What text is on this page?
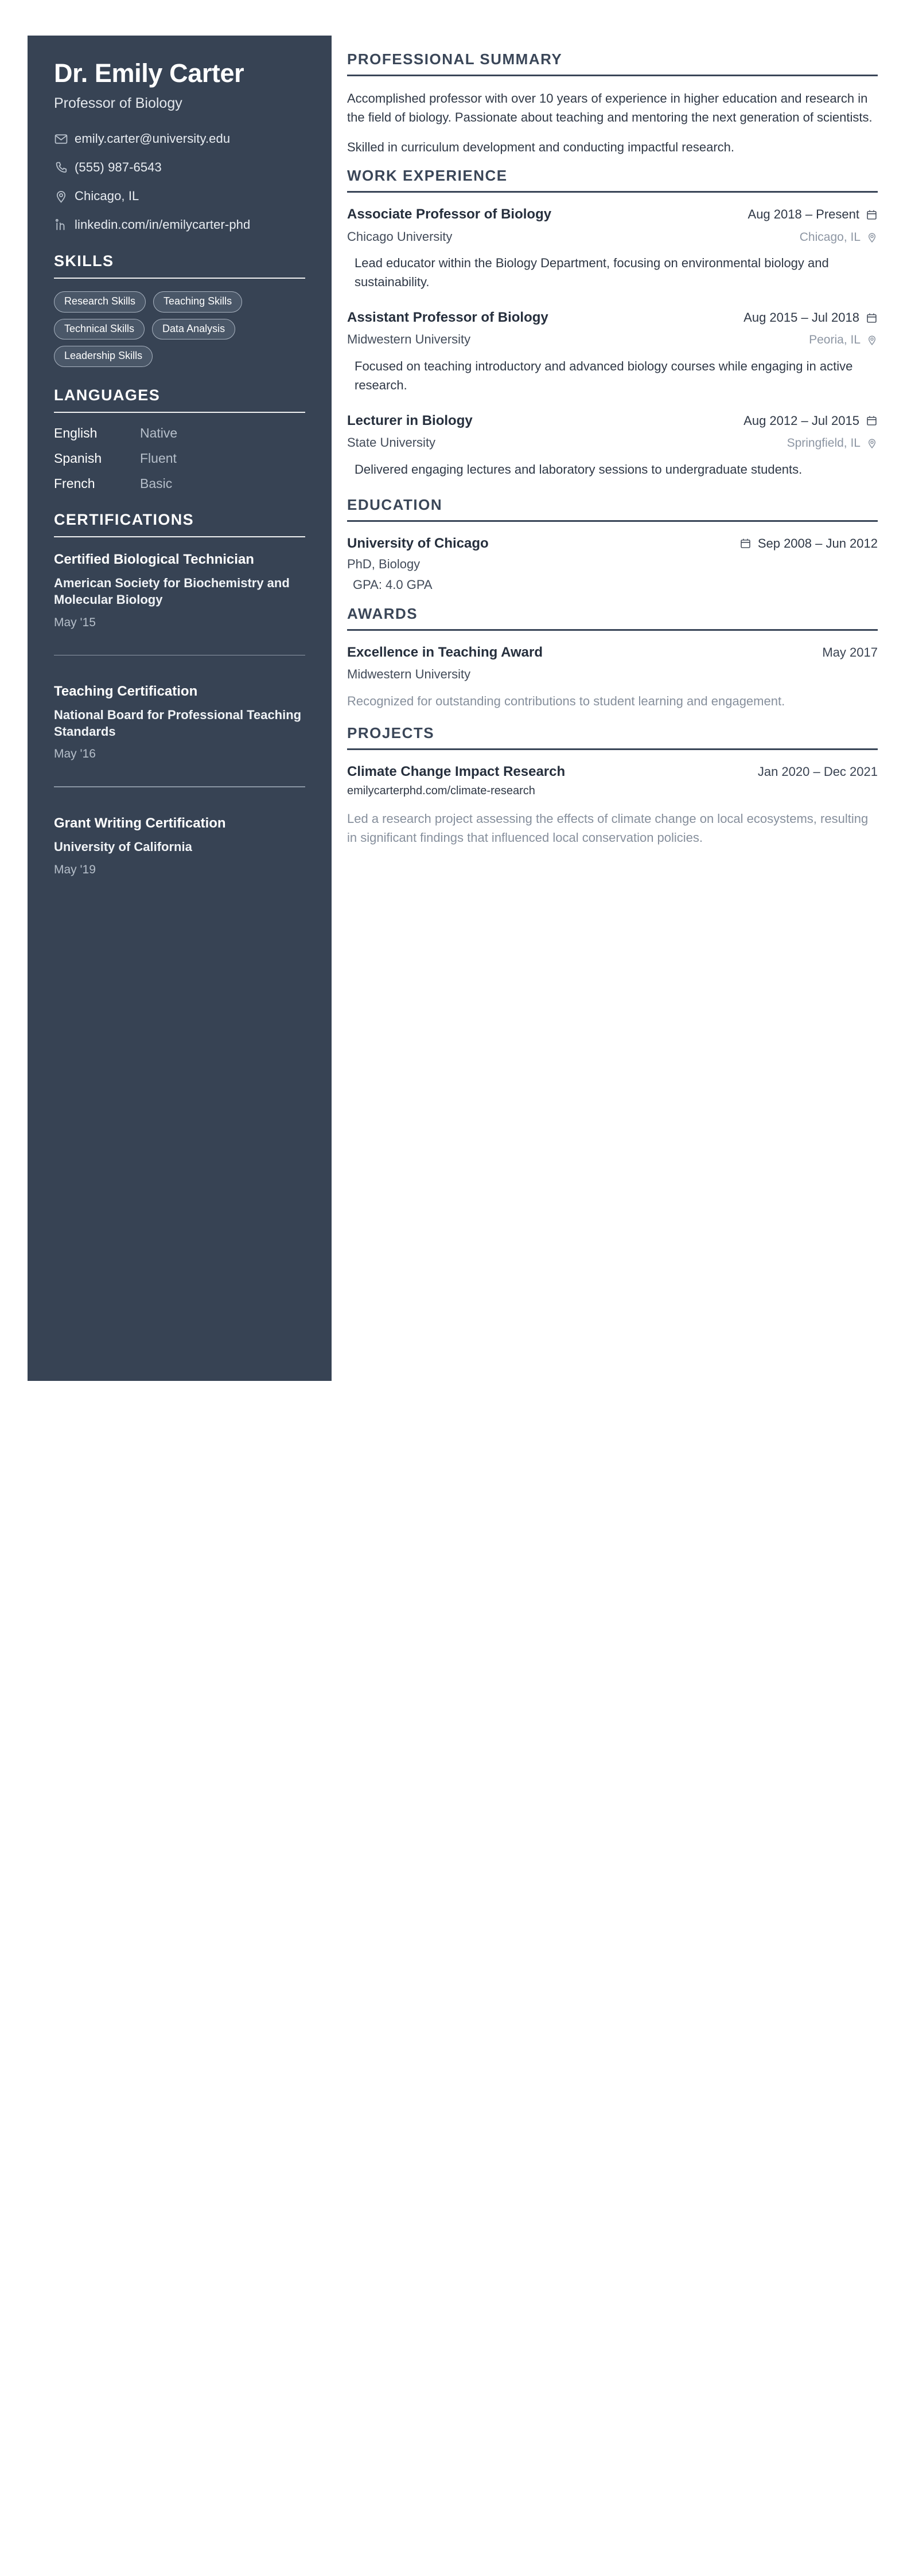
Dr. Emily Carter
Professor of Biology
emily.carter@university.edu
(555) 987-6543
Chicago, IL
linkedin.com/in/emilycarter-phd
SKILLS
Research Skills	Teaching Skills
Technical Skills	Data Analysis
Leadership Skills
LANGUAGES
English	Native
Spanish	Fluent
French	Basic
CERTIFICATIONS
Certified Biological Technician
American Society for Biochemistry and Molecular Biology
May '15
Teaching Certification
National Board for Professional Teaching Standards
May '16
Grant Writing Certification
University of California
May '19
PROFESSIONAL SUMMARY

Accomplished professor with over 10 years of experience in higher education and research in the field of biology. Passionate about teaching and mentoring the next generation of scientists.

Skilled in curriculum development and conducting impactful research.

WORK EXPERIENCE
Associate Professor of Biology	Aug 2018 – Present
Chicago University	Chicago, IL
Lead educator within the Biology Department, focusing on environmental biology and sustainability.
Assistant Professor of Biology	Aug 2015 – Jul 2018
Midwestern University	Peoria, IL
Focused on teaching introductory and advanced biology courses while engaging in active research.
Lecturer in Biology	Aug 2012 – Jul 2015
State University	Springfield, IL
Delivered engaging lectures and laboratory sessions to undergraduate students.
EDUCATION
University of Chicago	Sep 2008 – Jun 2012
PhD, Biology
GPA: 4.0 GPA
AWARDS
Excellence in Teaching Award	May 2017
Midwestern University
Recognized for outstanding contributions to student learning and engagement.
PROJECTS
Climate Change Impact Research	Jan 2020 – Dec 2021
emilycarterphd.com/climate-research
Led a research project assessing the effects of climate change on local ecosystems, resulting in significant findings that influenced local conservation policies.
